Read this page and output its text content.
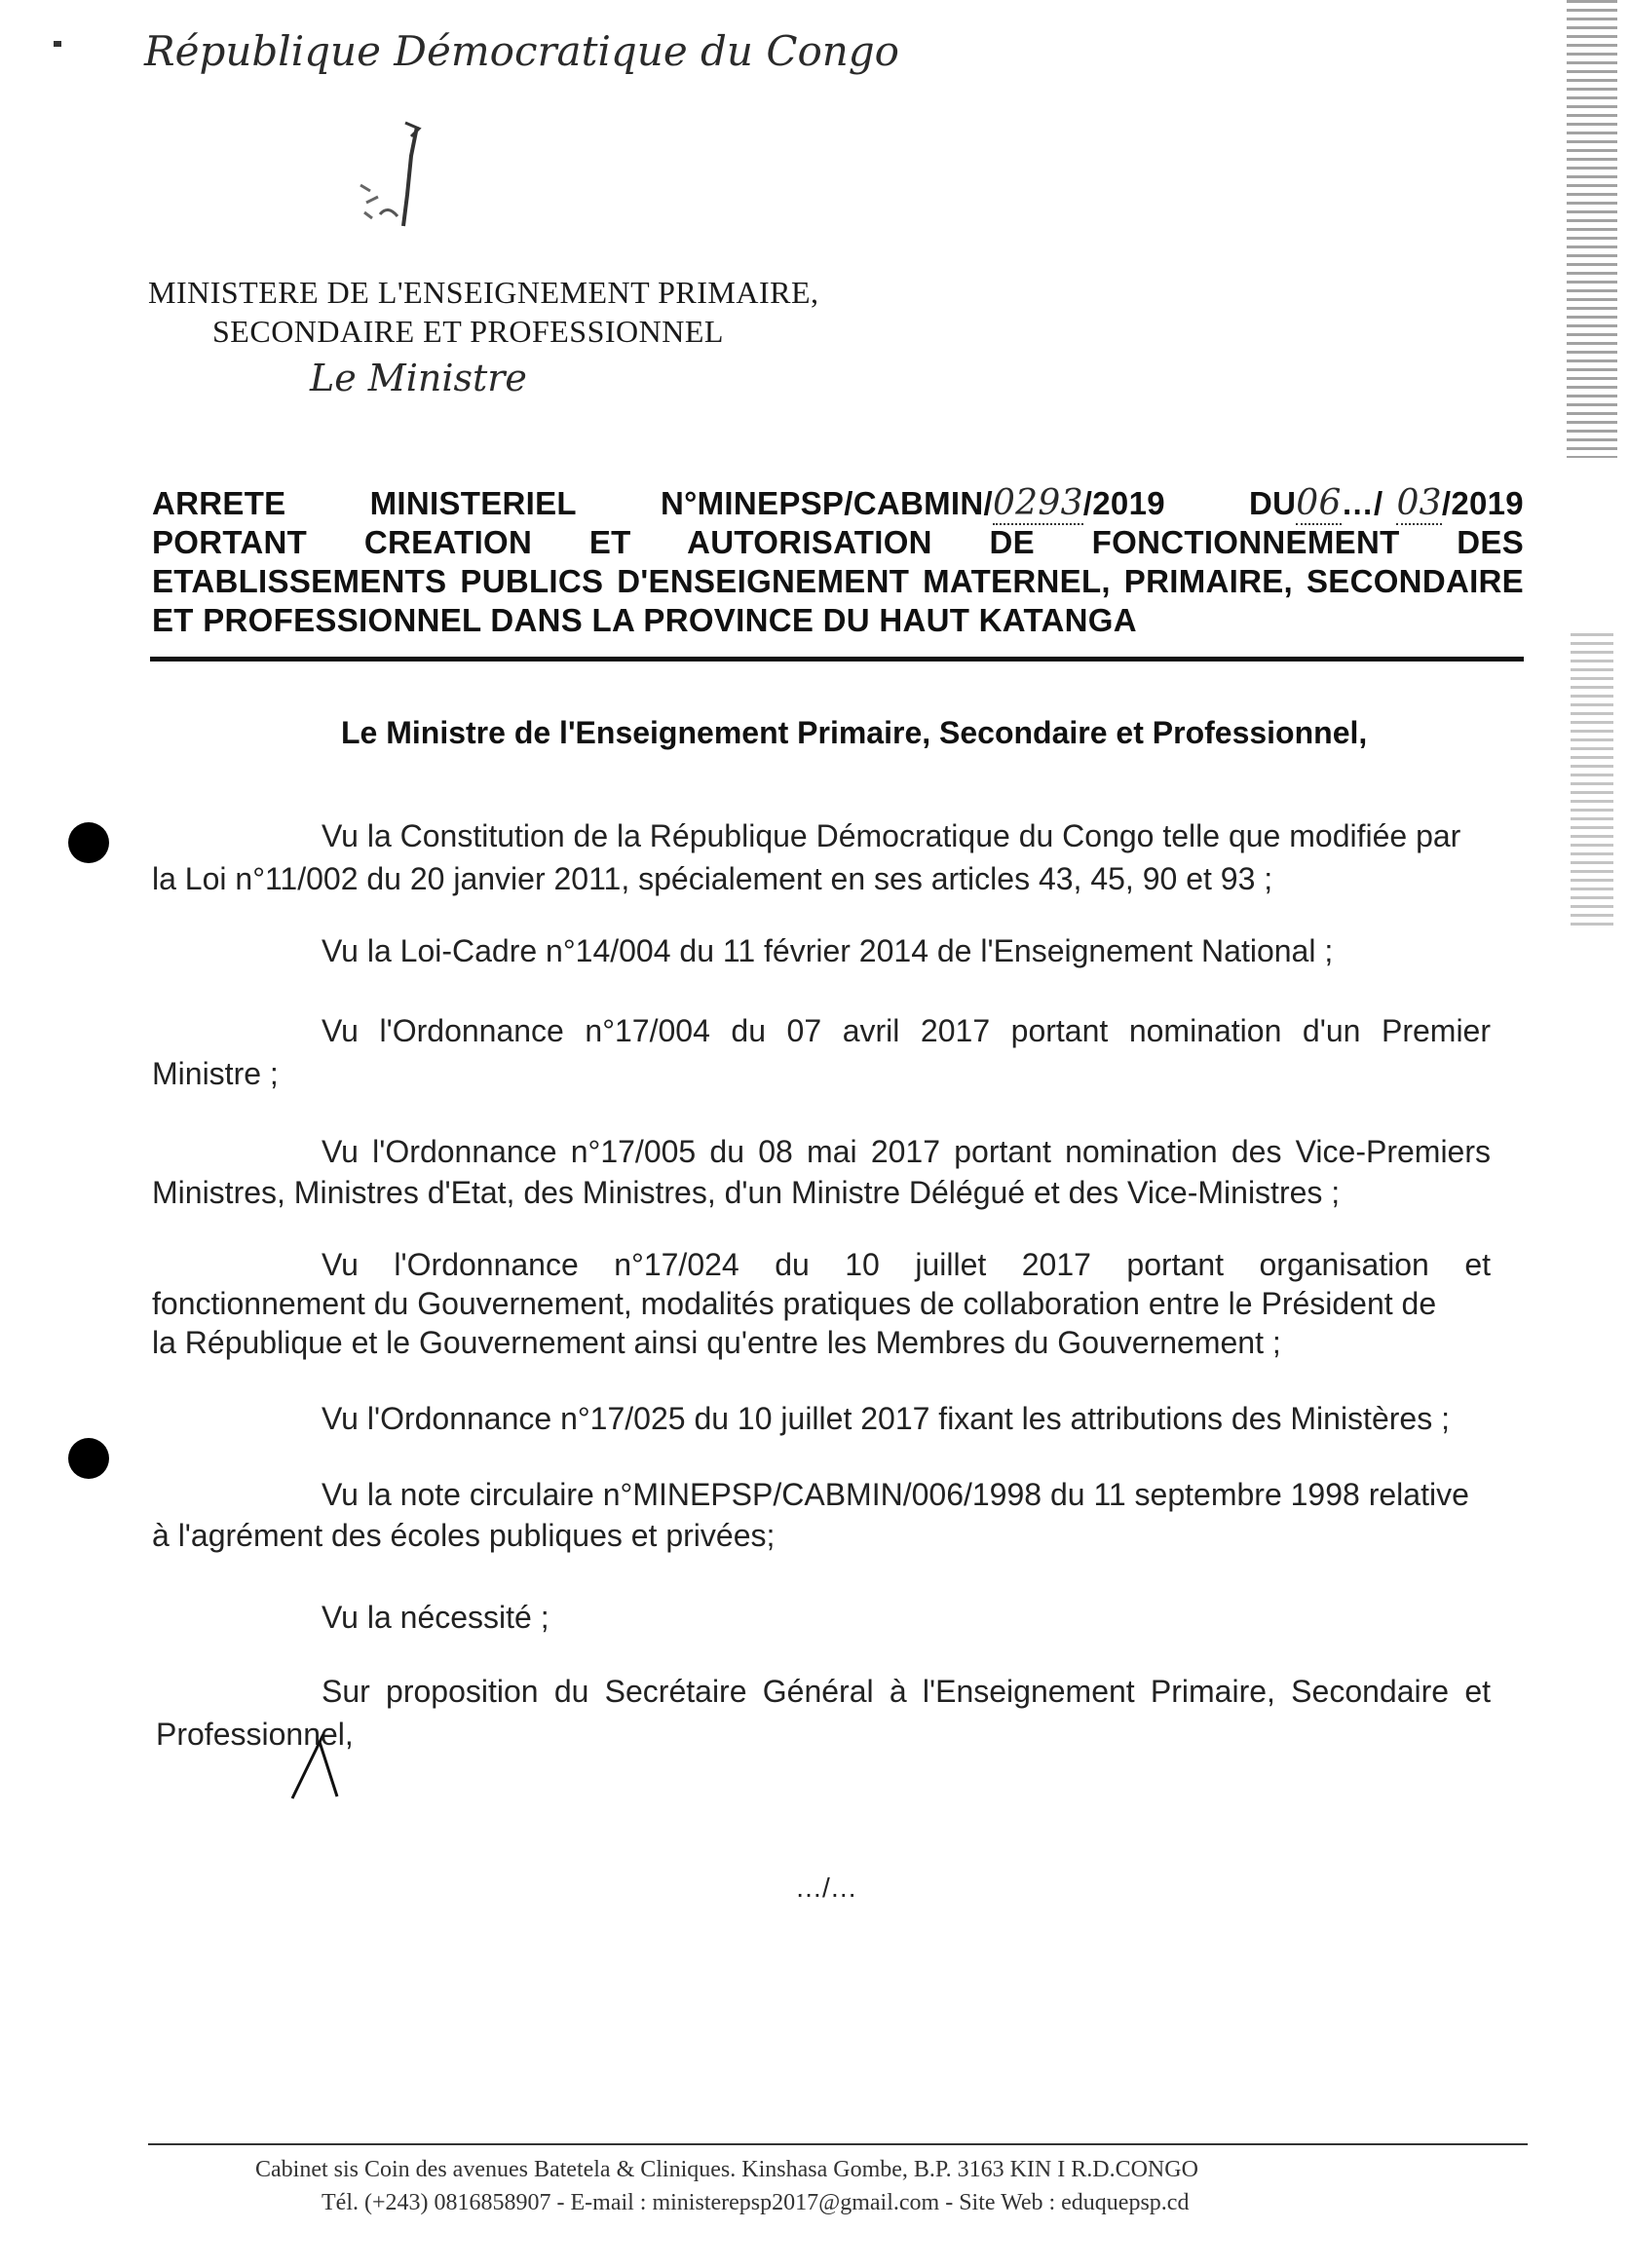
République Démocratique du Congo
MINISTERE DE L'ENSEIGNEMENT PRIMAIRE,
SECONDAIRE ET PROFESSIONNEL
Le Ministre
ARRETE	MINISTERIEL	N°MINEPSP/CABMIN/0293/2019	DU06…/ 03/2019
PORTANT CREATION ET AUTORISATION DE FONCTIONNEMENT DES
ETABLISSEMENTS PUBLICS D'ENSEIGNEMENT MATERNEL, PRIMAIRE, SECONDAIRE
ET PROFESSIONNEL DANS LA PROVINCE DU HAUT KATANGA
Le Ministre de l'Enseignement Primaire, Secondaire et Professionnel,
Vu la Constitution de la République Démocratique du Congo telle que modifiée par
la Loi n°11/002 du 20 janvier 2011, spécialement en ses articles 43, 45, 90 et 93 ;
Vu la Loi-Cadre n°14/004 du 11 février 2014 de l'Enseignement National ;
Vu l'Ordonnance n°17/004 du 07 avril 2017 portant nomination d'un Premier
Ministre ;
Vu l'Ordonnance n°17/005 du 08 mai 2017 portant nomination des Vice-Premiers
Ministres, Ministres d'Etat, des Ministres, d'un Ministre Délégué et des Vice-Ministres ;
Vu l'Ordonnance n°17/024 du 10 juillet 2017 portant organisation et
fonctionnement du Gouvernement, modalités pratiques de collaboration entre le Président de
la République et le Gouvernement ainsi qu'entre les Membres du Gouvernement ;
Vu l'Ordonnance n°17/025 du 10 juillet 2017 fixant les attributions des Ministères ;
Vu la note circulaire n°MINEPSP/CABMIN/006/1998 du 11 septembre 1998 relative
à l'agrément des écoles publiques et privées;
Vu la nécessité ;
Sur proposition du Secrétaire Général à l'Enseignement Primaire, Secondaire et
Professionnel,
…/…
Cabinet sis Coin des avenues Batetela & Cliniques. Kinshasa Gombe, B.P. 3163 KIN I R.D.CONGO
Tél. (+243) 0816858907 - E-mail : ministerepsp2017@gmail.com - Site Web : eduquepsp.cd
